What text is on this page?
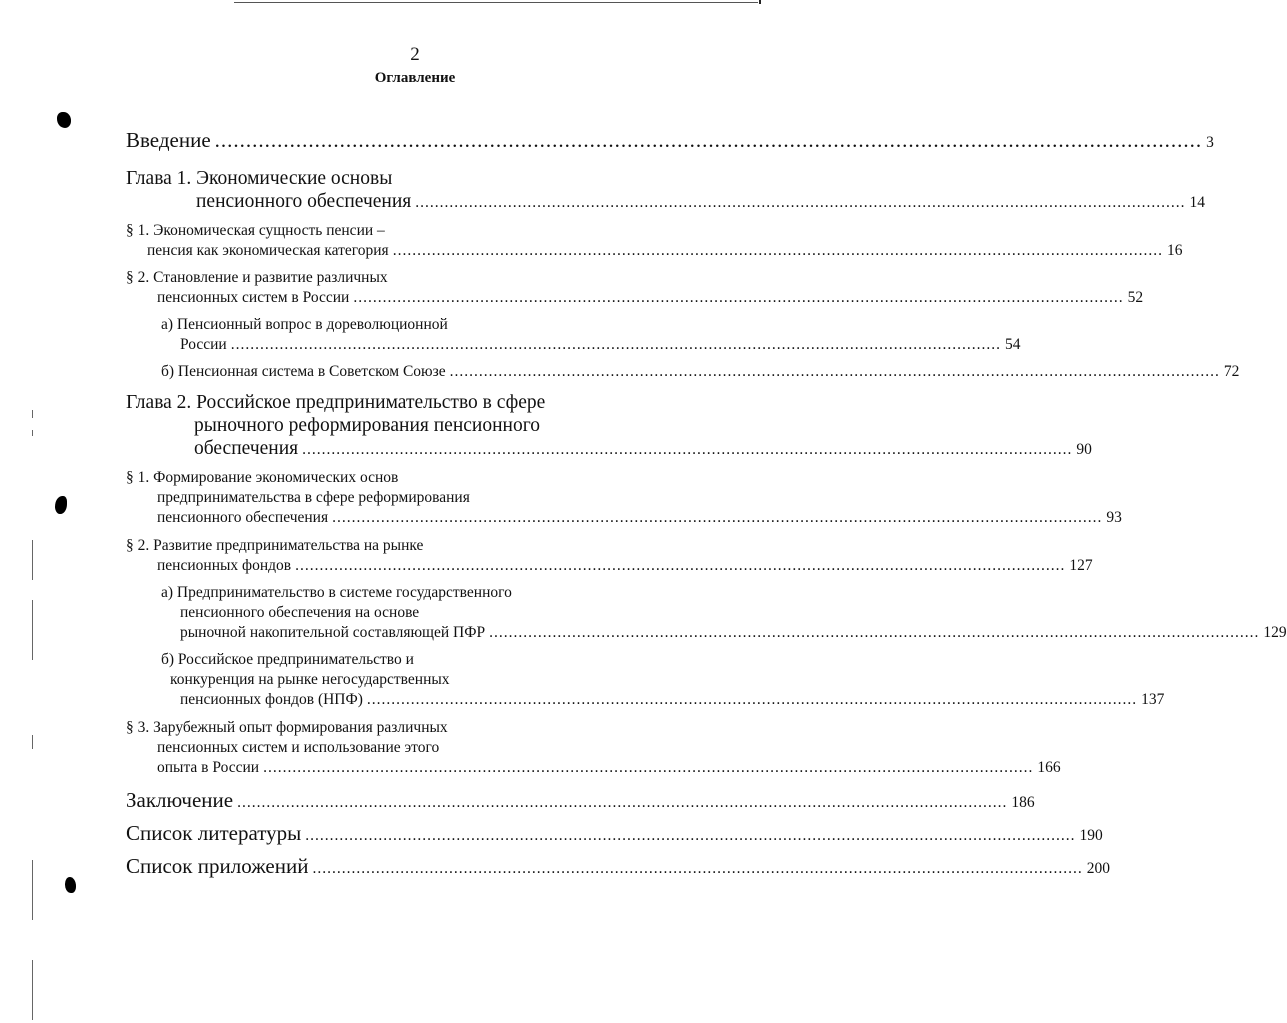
2
Оглавление
Введение .............................................................................................................................................................. 3
Глава 1. Экономические основы
пенсионного обеспечения .............................................................................................................................................................. 14
§ 1. Экономическая сущность пенсии –
пенсия как экономическая категория .............................................................................................................................................................. 16
§ 2. Становление и развитие различных
пенсионных систем в России .............................................................................................................................................................. 52
а) Пенсионный вопрос в дореволюционной
России .............................................................................................................................................................. 54
б) Пенсионная система в Советском Союзе .............................................................................................................................................................. 72
Глава 2. Российское предпринимательство в сфере
рыночного реформирования пенсионного
обеспечения .............................................................................................................................................................. 90
§ 1. Формирование экономических основ
предпринимательства в сфере реформирования
пенсионного обеспечения .............................................................................................................................................................. 93
§ 2. Развитие предпринимательства на рынке
пенсионных фондов .............................................................................................................................................................. 127
а) Предпринимательство в системе государственного
пенсионного обеспечения на основе
рыночной накопительной составляющей ПФР .............................................................................................................................................................. 129
б) Российское предпринимательство и
конкуренция на рынке негосударственных
пенсионных фондов (НПФ) .............................................................................................................................................................. 137
§ 3. Зарубежный опыт формирования различных
пенсионных систем и использование этого
опыта в России .............................................................................................................................................................. 166
Заключение .............................................................................................................................................................. 186
Список литературы .............................................................................................................................................................. 190
Список приложений .............................................................................................................................................................. 200
